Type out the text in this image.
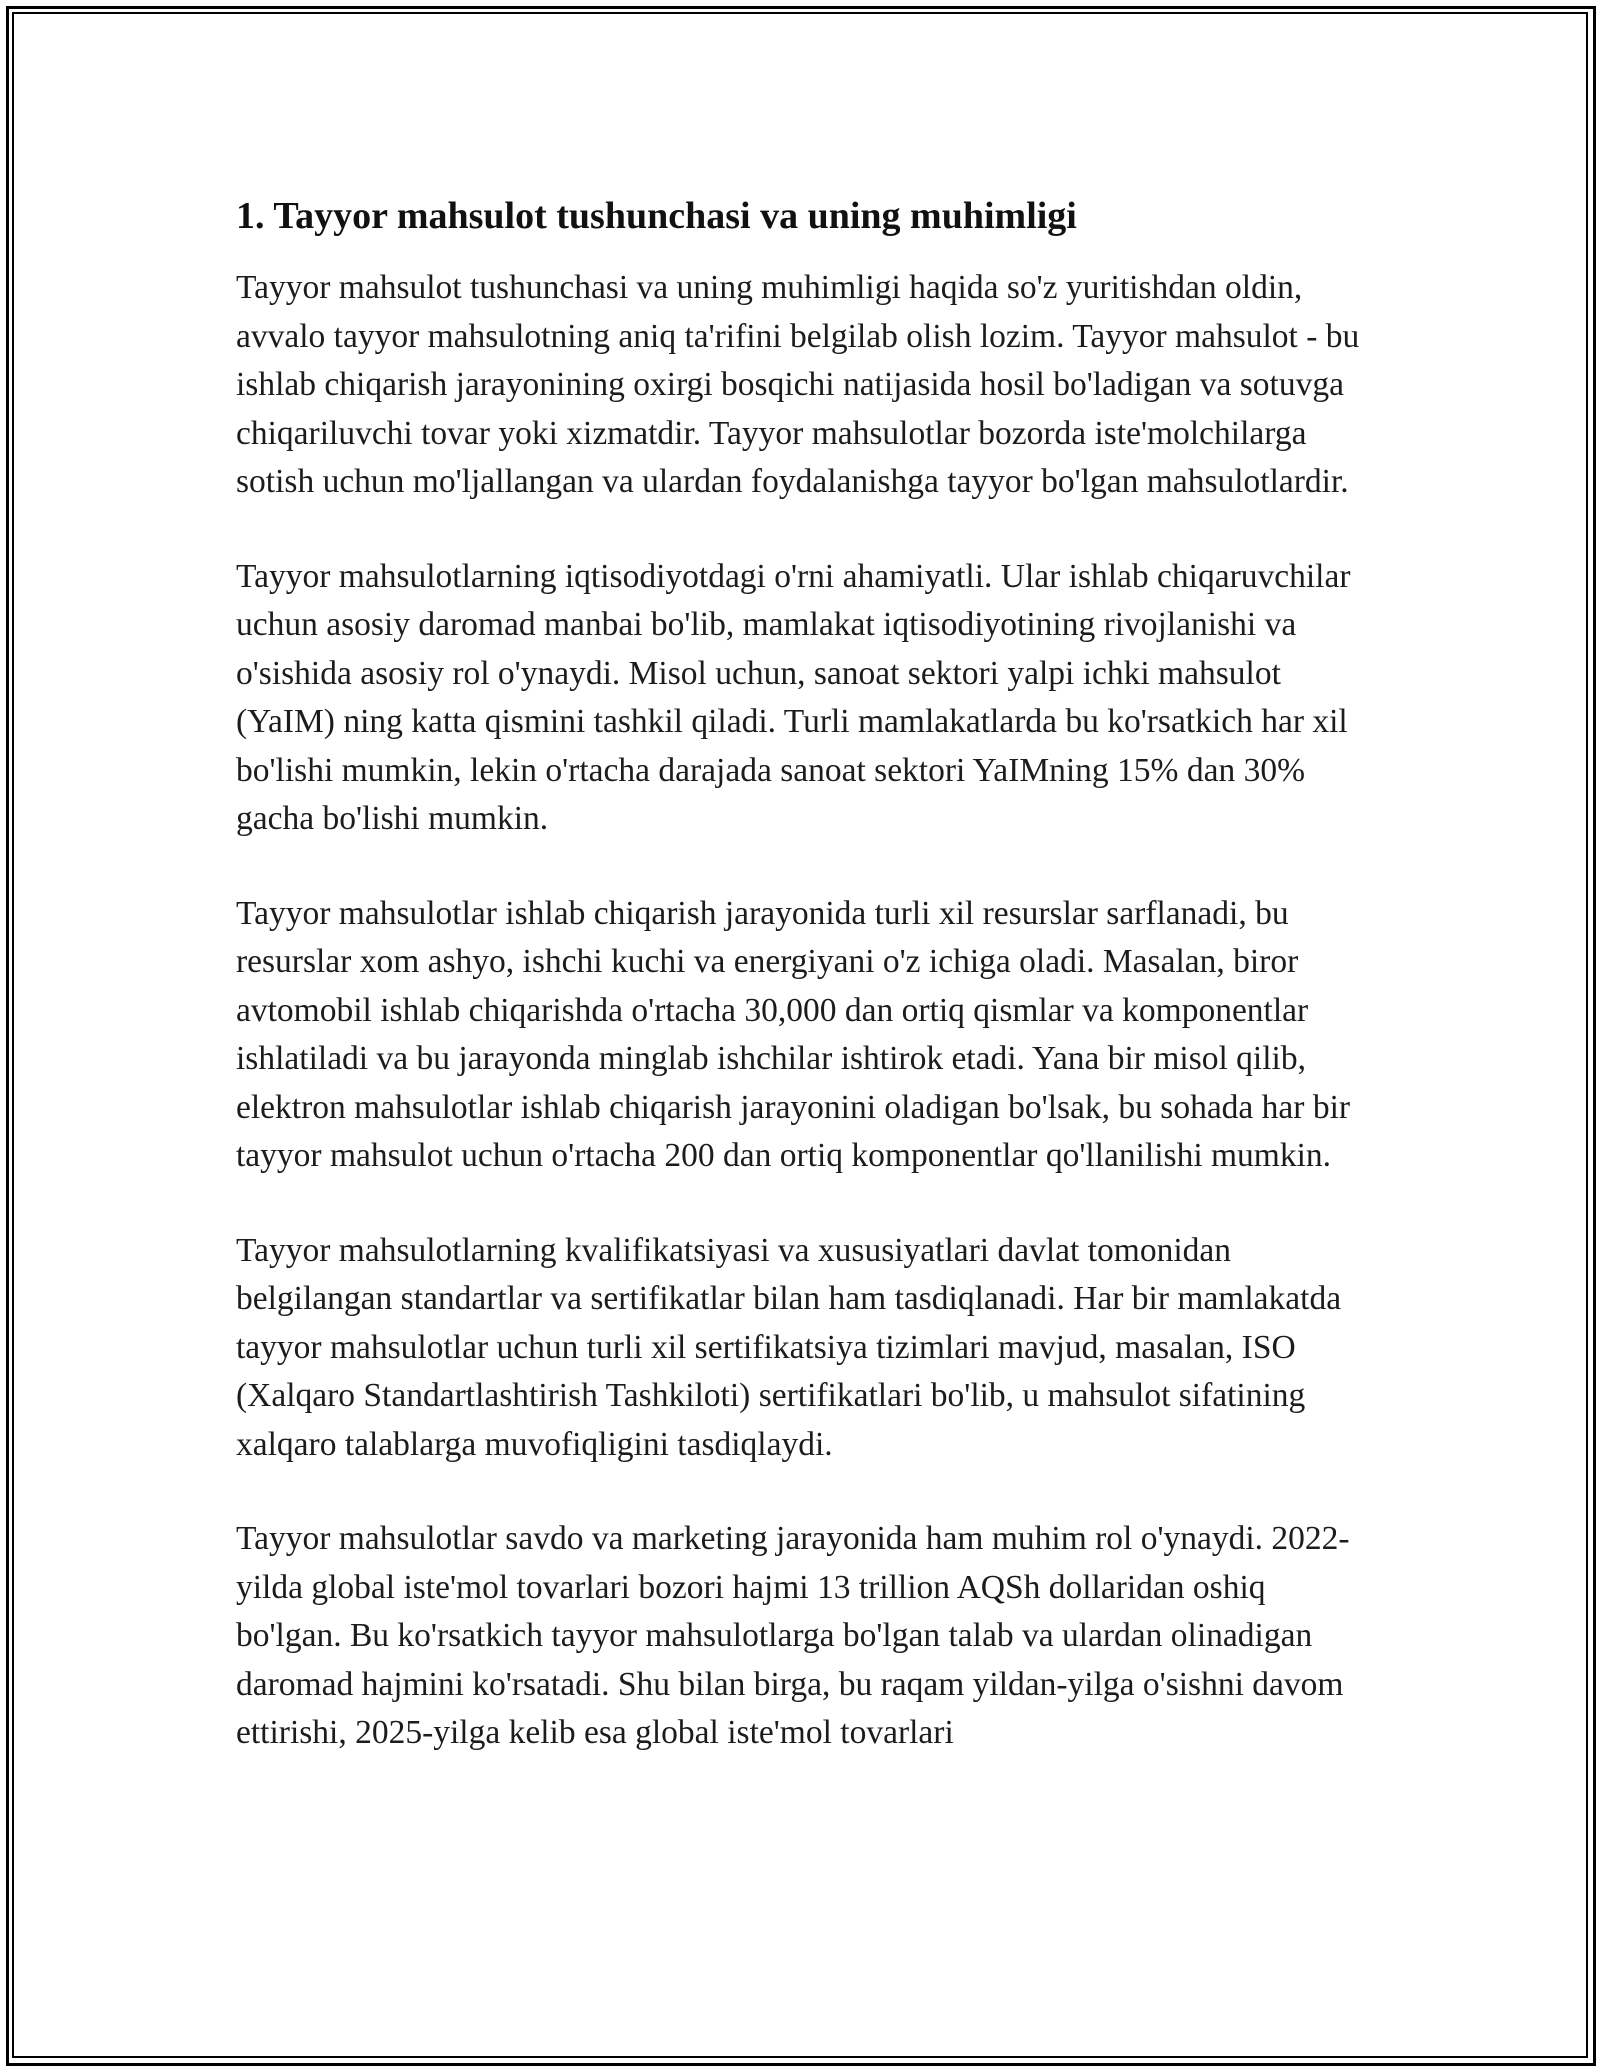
1. Tayyor mahsulot tushunchasi va uning muhimligi

Tayyor mahsulot tushunchasi va uning muhimligi haqida so'z yuritishdan oldin, avvalo tayyor mahsulotning aniq ta'rifini belgilab olish lozim. Tayyor mahsulot - bu ishlab chiqarish jarayonining oxirgi bosqichi natijasida hosil bo'ladigan va sotuvga chiqariluvchi tovar yoki xizmatdir. Tayyor mahsulotlar bozorda iste'molchilarga sotish uchun mo'ljallangan va ulardan foydalanishga tayyor bo'lgan mahsulotlardir.

Tayyor mahsulotlarning iqtisodiyotdagi o'rni ahamiyatli. Ular ishlab chiqaruvchilar uchun asosiy daromad manbai bo'lib, mamlakat iqtisodiyotining rivojlanishi va o'sishida asosiy rol o'ynaydi. Misol uchun, sanoat sektori yalpi ichki mahsulot (YaIM) ning katta qismini tashkil qiladi. Turli mamlakatlarda bu ko'rsatkich har xil bo'lishi mumkin, lekin o'rtacha darajada sanoat sektori YaIMning 15% dan 30% gacha bo'lishi mumkin.

Tayyor mahsulotlar ishlab chiqarish jarayonida turli xil resurslar sarflanadi, bu resurslar xom ashyo, ishchi kuchi va energiyani o'z ichiga oladi. Masalan, biror avtomobil ishlab chiqarishda o'rtacha 30,000 dan ortiq qismlar va komponentlar ishlatiladi va bu jarayonda minglab ishchilar ishtirok etadi. Yana bir misol qilib, elektron mahsulotlar ishlab chiqarish jarayonini oladigan bo'lsak, bu sohada har bir tayyor mahsulot uchun o'rtacha 200 dan ortiq komponentlar qo'llanilishi mumkin.

Tayyor mahsulotlarning kvalifikatsiyasi va xususiyatlari davlat tomonidan belgilangan standartlar va sertifikatlar bilan ham tasdiqlanadi. Har bir mamlakatda tayyor mahsulotlar uchun turli xil sertifikatsiya tizimlari mavjud, masalan, ISO (Xalqaro Standartlashtirish Tashkiloti) sertifikatlari bo'lib, u mahsulot sifatining xalqaro talablarga muvofiqligini tasdiqlaydi.

Tayyor mahsulotlar savdo va marketing jarayonida ham muhim rol o'ynaydi. 2022-yilda global iste'mol tovarlari bozori hajmi 13 trillion AQSh dollaridan oshiq bo'lgan. Bu ko'rsatkich tayyor mahsulotlarga bo'lgan talab va ulardan olinadigan daromad hajmini ko'rsatadi. Shu bilan birga, bu raqam yildan-yilga o'sishni davom ettirishi, 2025-yilga kelib esa global iste'mol tovarlari
